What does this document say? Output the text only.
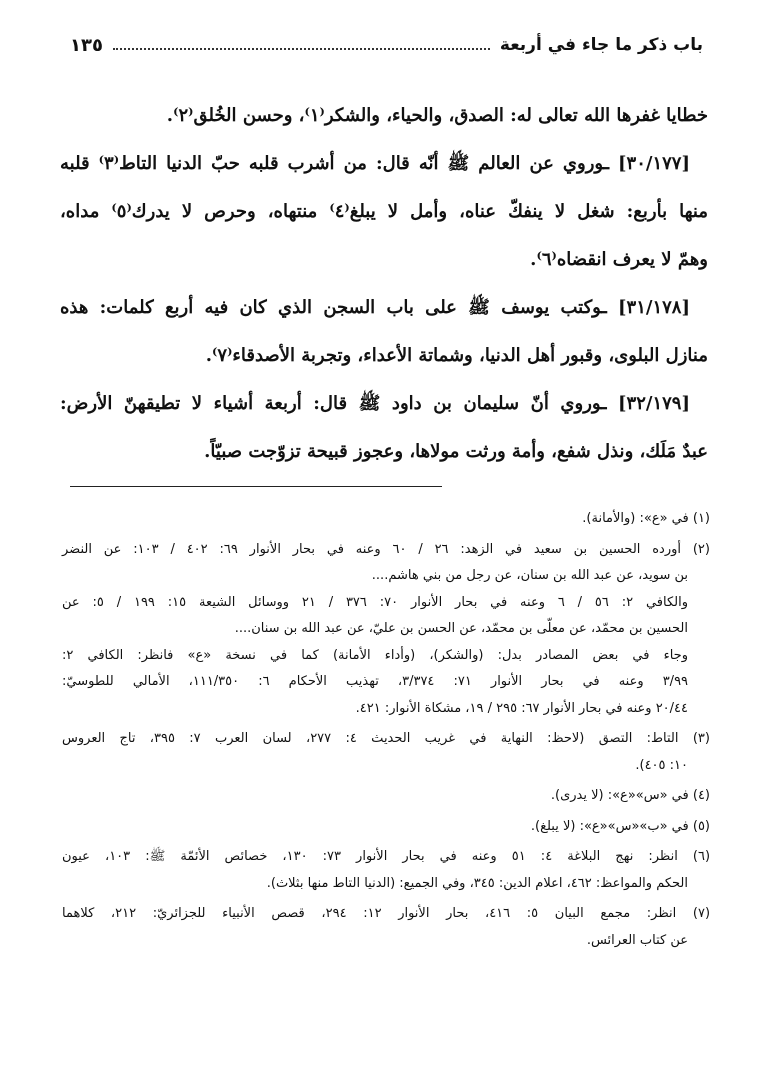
باب ذكر ما جاء في أربعة
١٣٥
خطايا غفرها الله تعالى له: الصدق، والحياء، والشكر⁽١⁾، وحسن الخُلق⁽٢⁾.
[٣٠/١٧٧] ـوروي عن العالم ﷺ أنّه قال: من أشرب قلبه حبّ الدنيا التاط⁽٣⁾ قلبه
منها بأربع: شغل لا ينفكّ عناه، وأمل لا يبلغ⁽٤⁾ منتهاه، وحرص لا يدرك⁽٥⁾ مداه،
وهمّ لا يعرف انقضاه⁽٦⁾.
[٣١/١٧٨] ـوكتب يوسف ﷺ على باب السجن الذي كان فيه أربع كلمات: هذه
منازل البلوى، وقبور أهل الدنيا، وشماتة الأعداء، وتجربة الأصدقاء⁽٧⁾.
[٣٢/١٧٩] ـوروي أنّ سليمان بن داود ﷺ قال: أربعة أشياء لا تطيقهنّ الأرض:
عبدٌ مَلَك، ونذل شفع، وأمة ورثت مولاها، وعجوز قبيحة تزوّجت صبيّاً.
(١) في «ع»: (والأمانة).
(٢) أورده الحسين بن سعيد في الزهد: ٢٦ / ٦٠ وعنه في بحار الأنوار ٦٩: ٤٠٢ / ١٠٣: عن النضر
بن سويد، عن عبد الله بن سنان، عن رجل من بني هاشم....
والكافي ٢: ٥٦ / ٦ وعنه في بحار الأنوار ٧٠: ٣٧٦ / ٢١ ووسائل الشيعة ١٥: ١٩٩ / ٥: عن
الحسين بن محمّد، عن معلّى بن محمّد، عن الحسن بن عليّ، عن عبد الله بن سنان....
وجاء في بعض المصادر بدل: (والشكر)، (وأداء الأمانة) كما في نسخة «ع» فانظر: الكافي ٢:
٣/٩٩ وعنه في بحار الأنوار ٧١: ٣/٣٧٤، تهذيب الأحكام ٦: ١١١/٣٥٠، الأمالي للطوسيّ:
٢٠/٤٤ وعنه في بحار الأنوار ٦٧: ٢٩٥ / ١٩، مشكاة الأنوار: ٤٢١.
(٣) التاط: التصق (لاحظ: النهاية في غريب الحديث ٤: ٢٧٧، لسان العرب ٧: ٣٩٥، تاج العروس
١٠: ٤٠٥).
(٤) في «س»«ع»: (لا يدرى).
(٥) في «ب»«س»«ع»: (لا يبلغ).
(٦) انظر: نهج البلاغة ٤: ٥١ وعنه في بحار الأنوار ٧٣: ١٣٠، خصائص الأئمّة ﷺ: ١٠٣، عيون
الحكم والمواعظ: ٤٦٢، اعلام الدين: ٣٤٥، وفي الجميع: (الدنيا التاط منها بثلاث).
(٧) انظر: مجمع البيان ٥: ٤١٦، بحار الأنوار ١٢: ٢٩٤، قصص الأنبياء للجزائريّ: ٢١٢، كلاهما
عن كتاب العرائس.
